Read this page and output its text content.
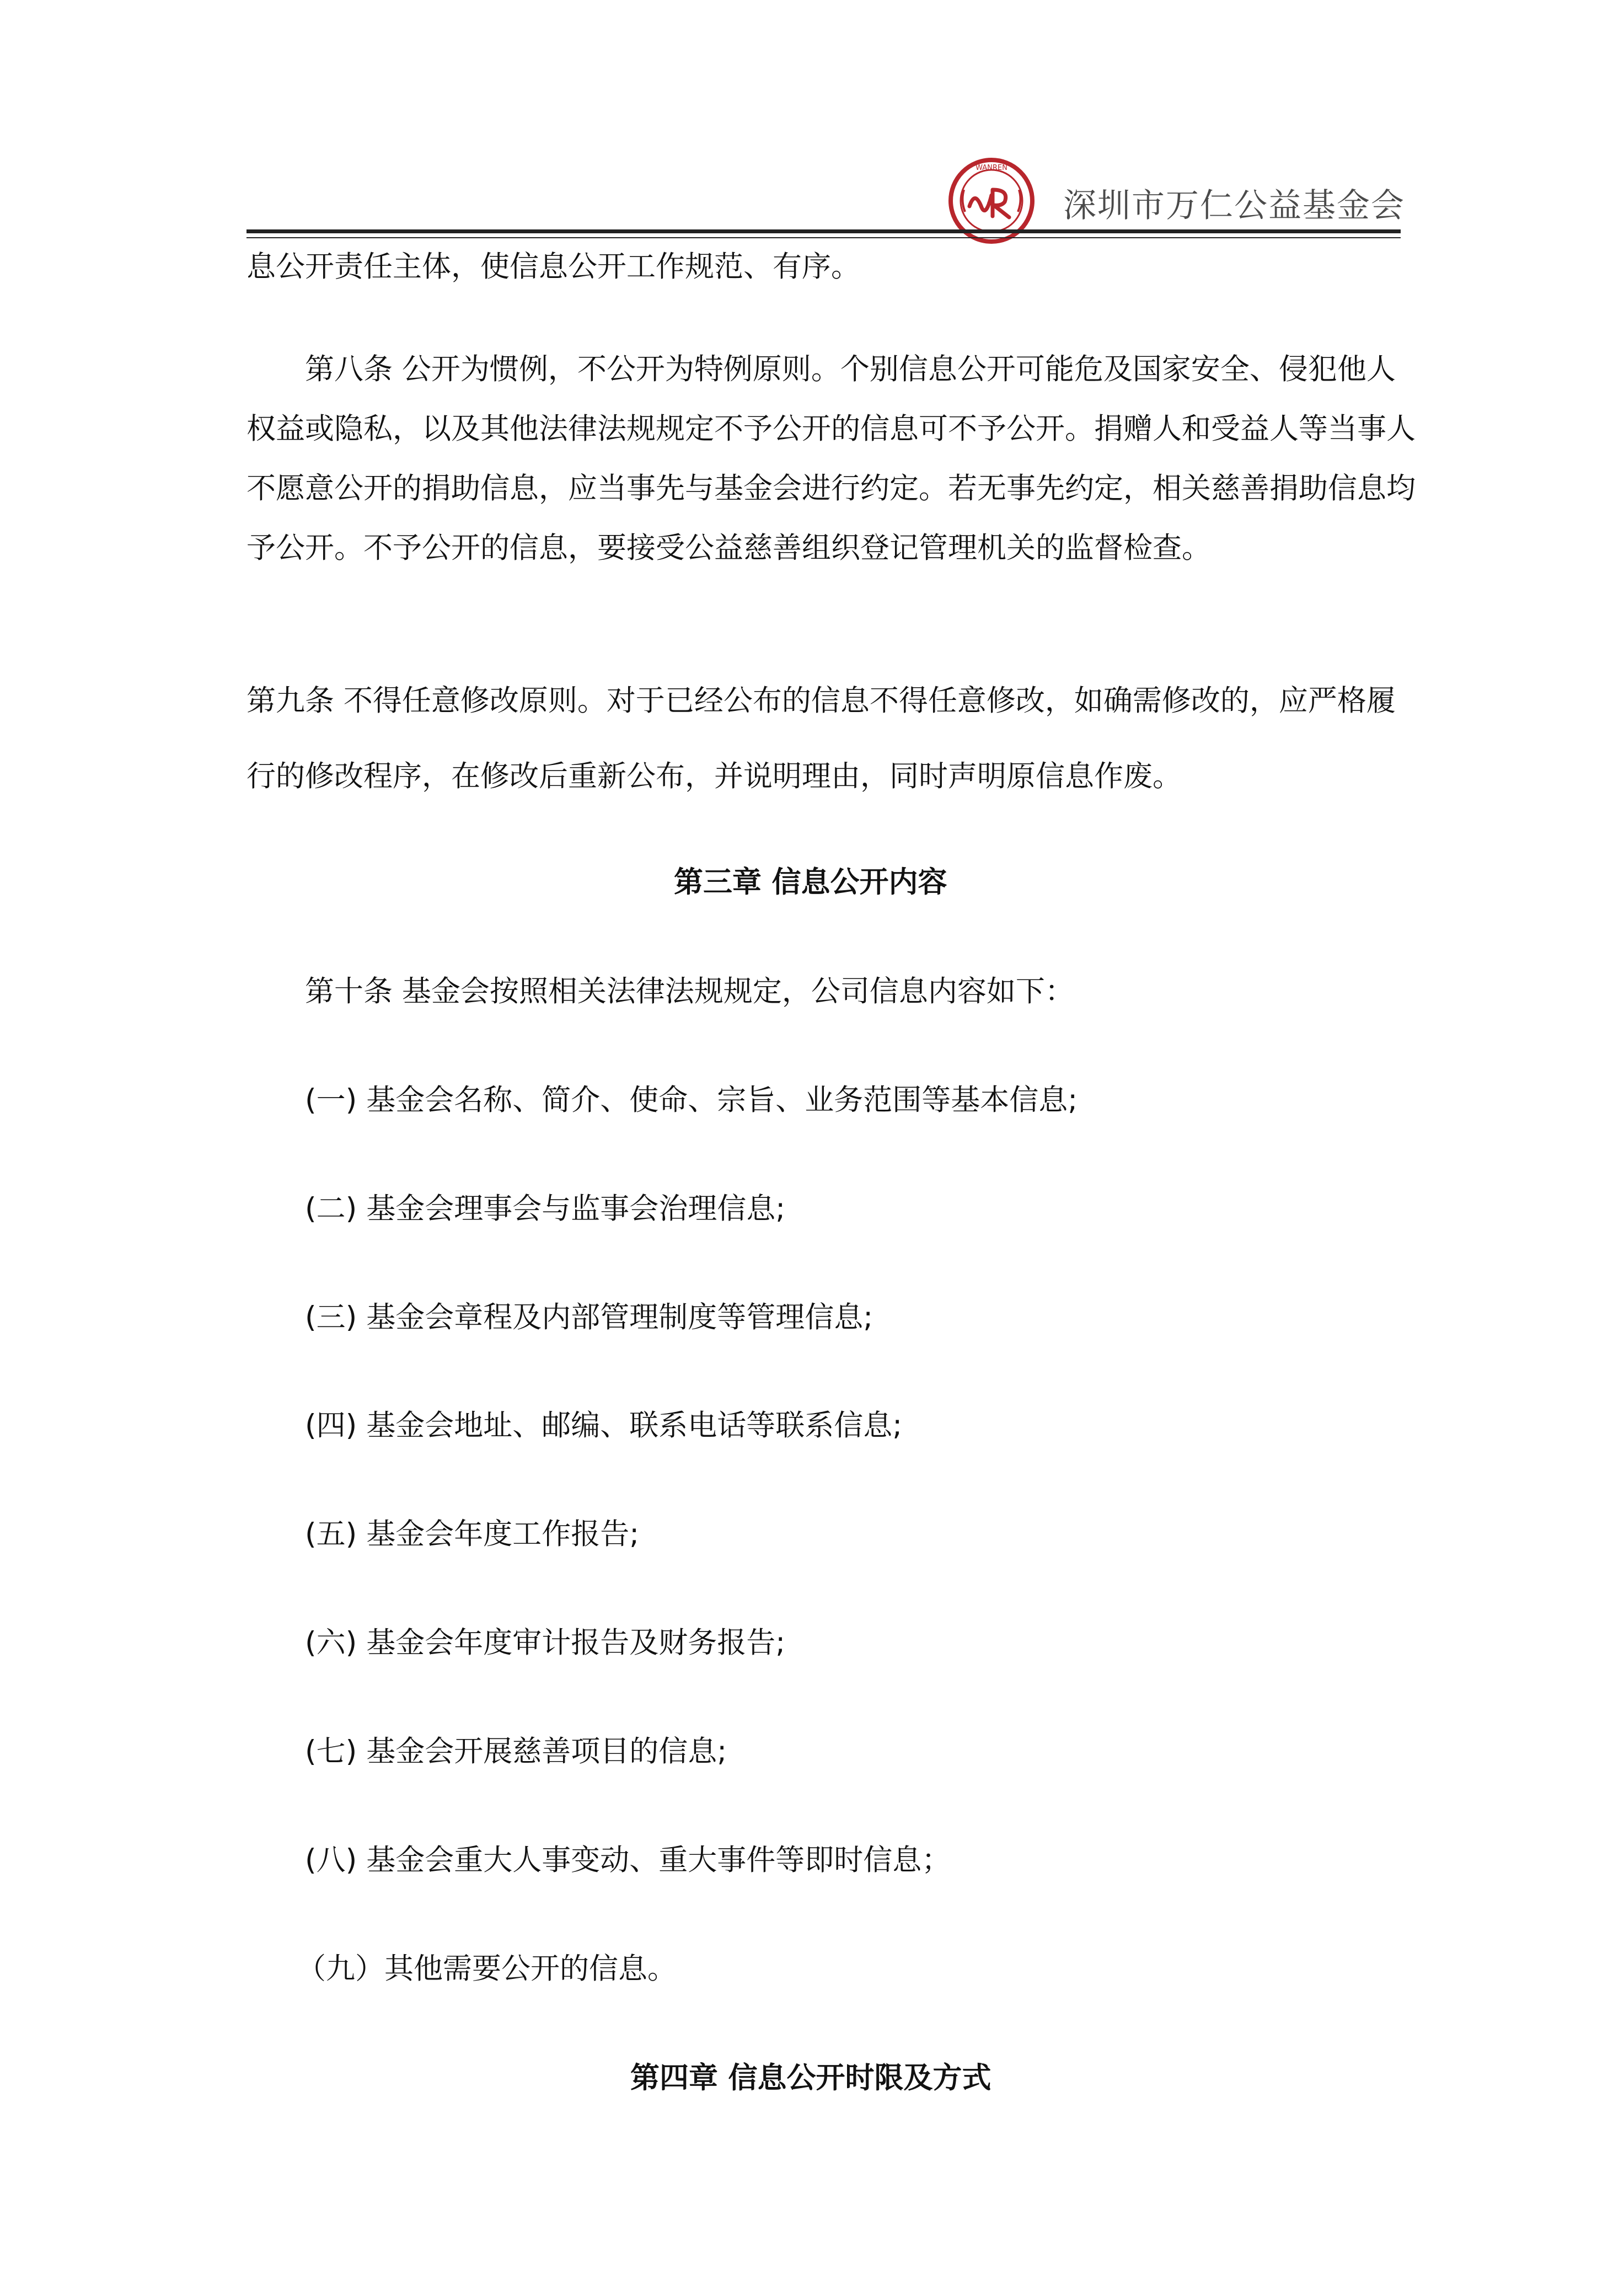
WANREN
深圳市万仁公益基金会
息公开责任主体，使信息公开工作规范、有序。
第八条 公开为惯例，不公开为特例原则。个别信息公开可能危及国家安全、侵犯他人
权益或隐私，以及其他法律法规规定不予公开的信息可不予公开。捐赠人和受益人等当事人
不愿意公开的捐助信息，应当事先与基金会进行约定。若无事先约定，相关慈善捐助信息均
予公开。不予公开的信息，要接受公益慈善组织登记管理机关的监督检查。
第九条 不得任意修改原则。对于已经公布的信息不得任意修改，如确需修改的，应严格履
行的修改程序，在修改后重新公布，并说明理由，同时声明原信息作废。
第三章 信息公开内容
第十条 基金会按照相关法律法规规定，公司信息内容如下：
(一) 基金会名称、简介、使命、宗旨、业务范围等基本信息;
(二) 基金会理事会与监事会治理信息;
(三) 基金会章程及内部管理制度等管理信息;
(四) 基金会地址、邮编、联系电话等联系信息;
(五) 基金会年度工作报告;
(六) 基金会年度审计报告及财务报告;
(七) 基金会开展慈善项目的信息;
(八) 基金会重大人事变动、重大事件等即时信息；
（九）其他需要公开的信息。
第四章 信息公开时限及方式
